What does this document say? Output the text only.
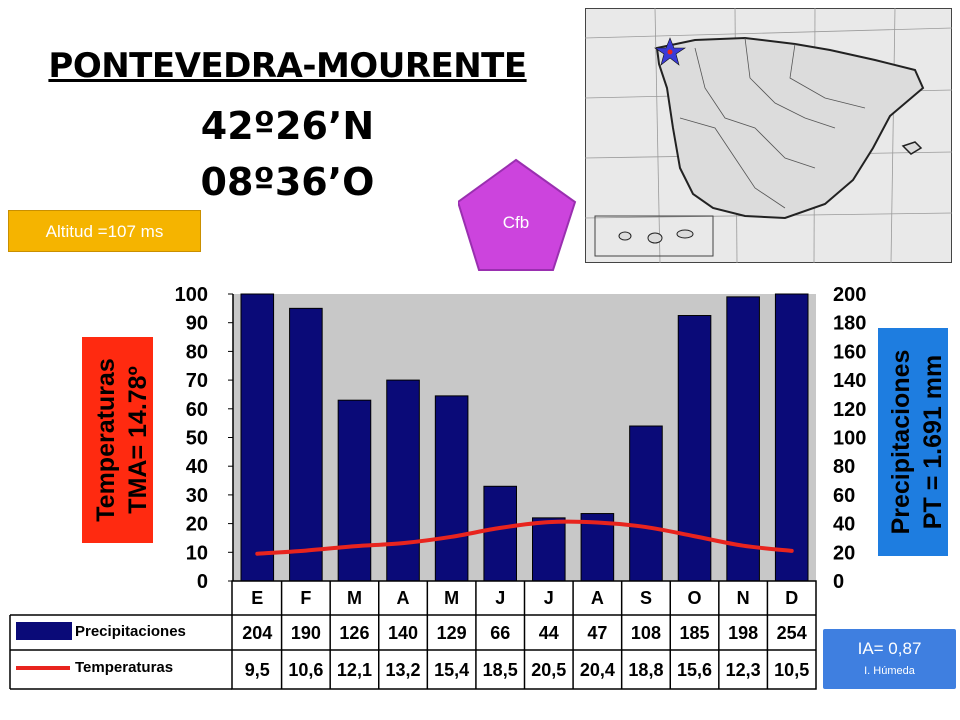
PONTEVEDRA-MOURENTE
42º26’N
08º36’O
Altitud =107 ms	Cfb
IA= 0,87
I. Húmeda
0
10
20
30
40
50
60
70
80
90
100
0
20
40
60
80
100
120
140
160
180
200
Temperaturas TMA= 14.78º	Precipitaciones PT = 1.691 mm
E F M A M J J A S O N D
Precipitaciones
Temperaturas
204 190 126 140 129 66 44 47 108 185 198 254
9,5 10,6 12,1 13,2 15,4 18,5 20,5 20,4 18,8 15,6 12,3 10,5
